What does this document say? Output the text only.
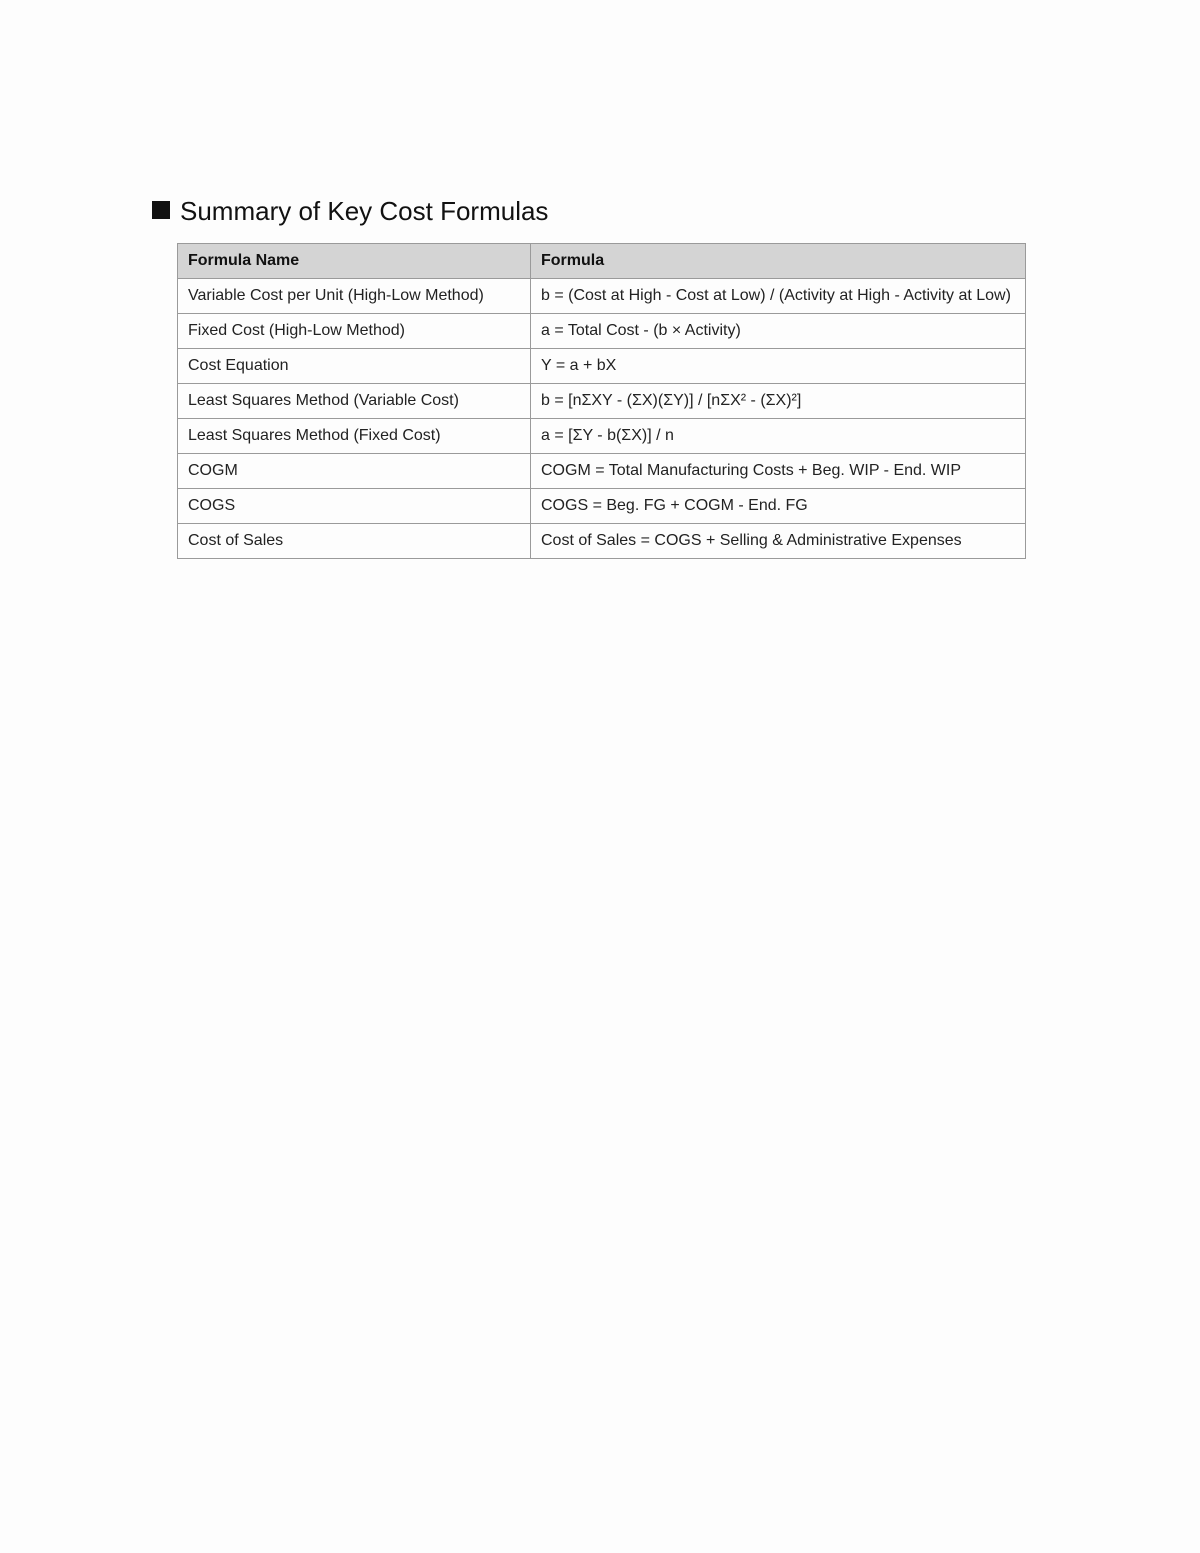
Summary of Key Cost Formulas
Formula Name	Formula
Variable Cost per Unit (High-Low Method)	b = (Cost at High - Cost at Low) / (Activity at High - Activity at Low)
Fixed Cost (High-Low Method)	a = Total Cost - (b × Activity)
Cost Equation	Y = a + bX
Least Squares Method (Variable Cost)	b = [nΣXY - (ΣX)(ΣY)] / [nΣX² - (ΣX)²]
Least Squares Method (Fixed Cost)	a = [ΣY - b(ΣX)] / n
COGM	COGM = Total Manufacturing Costs + Beg. WIP - End. WIP
COGS	COGS = Beg. FG + COGM - End. FG
Cost of Sales	Cost of Sales = COGS + Selling & Administrative Expenses
